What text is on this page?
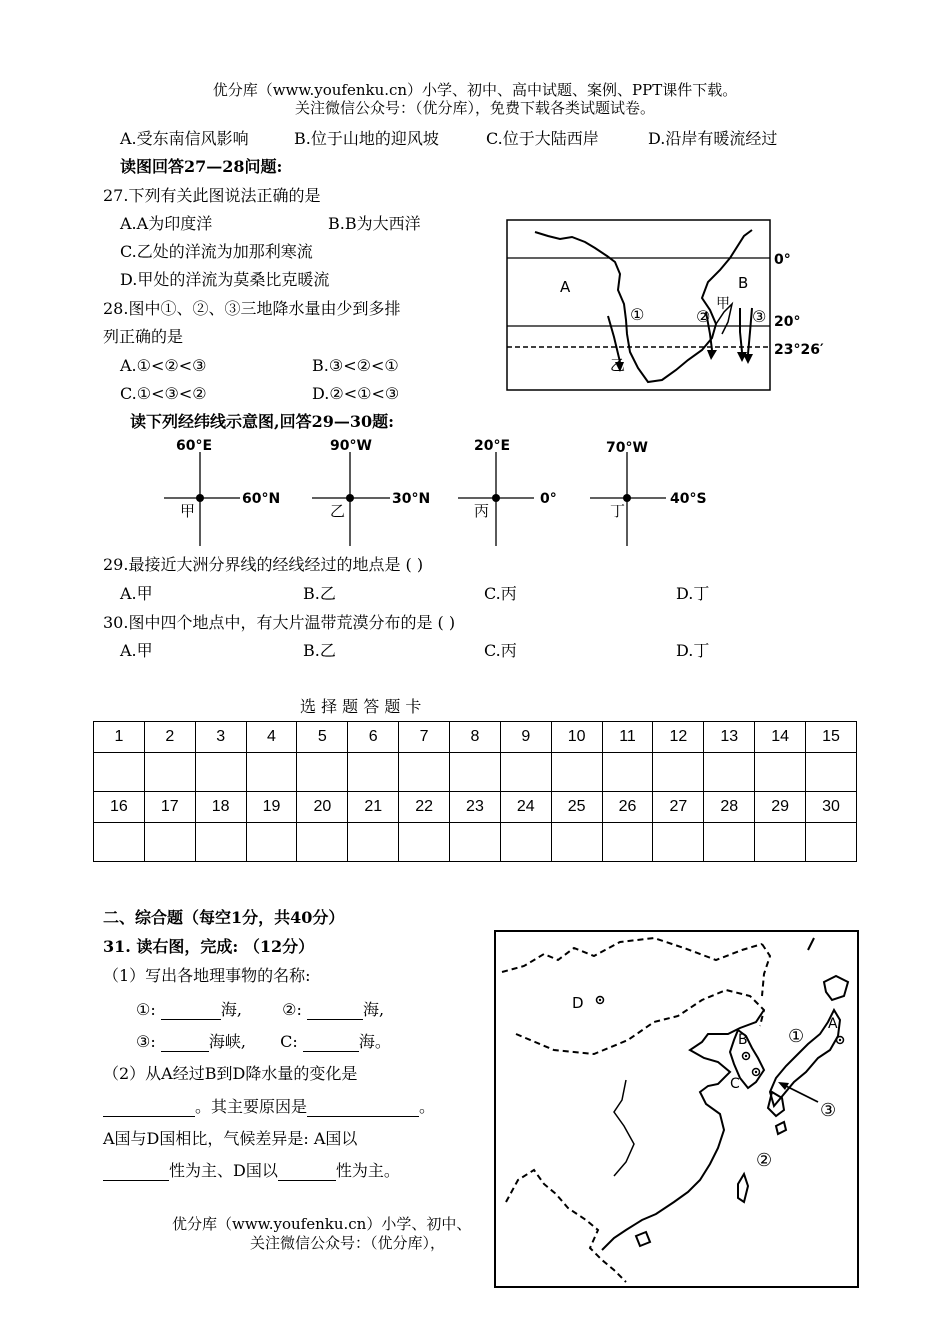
优分库（www.youfenku.cn）小学、初中、高中试题、案例、PPT课件下载。
关注微信公众号：（优分库），免费下载各类试题试卷。
A.受东南信风影响	B.位于山地的迎风坡	C.位于大陆西岸	D.沿岸有暖流经过
读图回答27—28问题:
27.下列有关此图说法正确的是
A.A为印度洋	B.B为大西洋
C.乙处的洋流为加那利寒流
D.甲处的洋流为莫桑比克暖流
28.图中①、②、③三地降水量由少到多排
列正确的是
A.①<②<③	B.③<②<①
C.①<③<②	D.②<①<③
A	B
甲
乙
①	②	③
0°
20°
23°26′
读下列经纬线示意图,回答29—30题:
60°E
60°N
甲
90°W
30°N
乙
20°E
0°
丙
70°W
40°S
丁
29.最接近大洲分界线的经线经过的地点是 ( )
A.甲	B.乙	C.丙	D.丁
30.图中四个地点中，有大片温带荒漠分布的是 ( )
A.甲	B.乙	C.丙	D.丁
选 择 题 答 题 卡
1	2	3	4	5	6	7	8	9	10	11	12	13	14	15

16	17	18	19	20	21	22	23	24	25	26	27	28	29	30

二、综合题（每空1分，共40分）
31. 读右图，完成: （12分）
（1）写出各地理事物的名称:
①:	海,	②:	海,
③:	海峡, C:	海。
（2）从A经过B到D降水量的变化是
。其主要原因是	。
A国与D国相比，气候差异是: A国以
性为主、D国以	性为主。
优分库（www.youfenku.cn）小学、初中、
关注微信公众号：（优分库），
D
A
B
C
①
②
③
